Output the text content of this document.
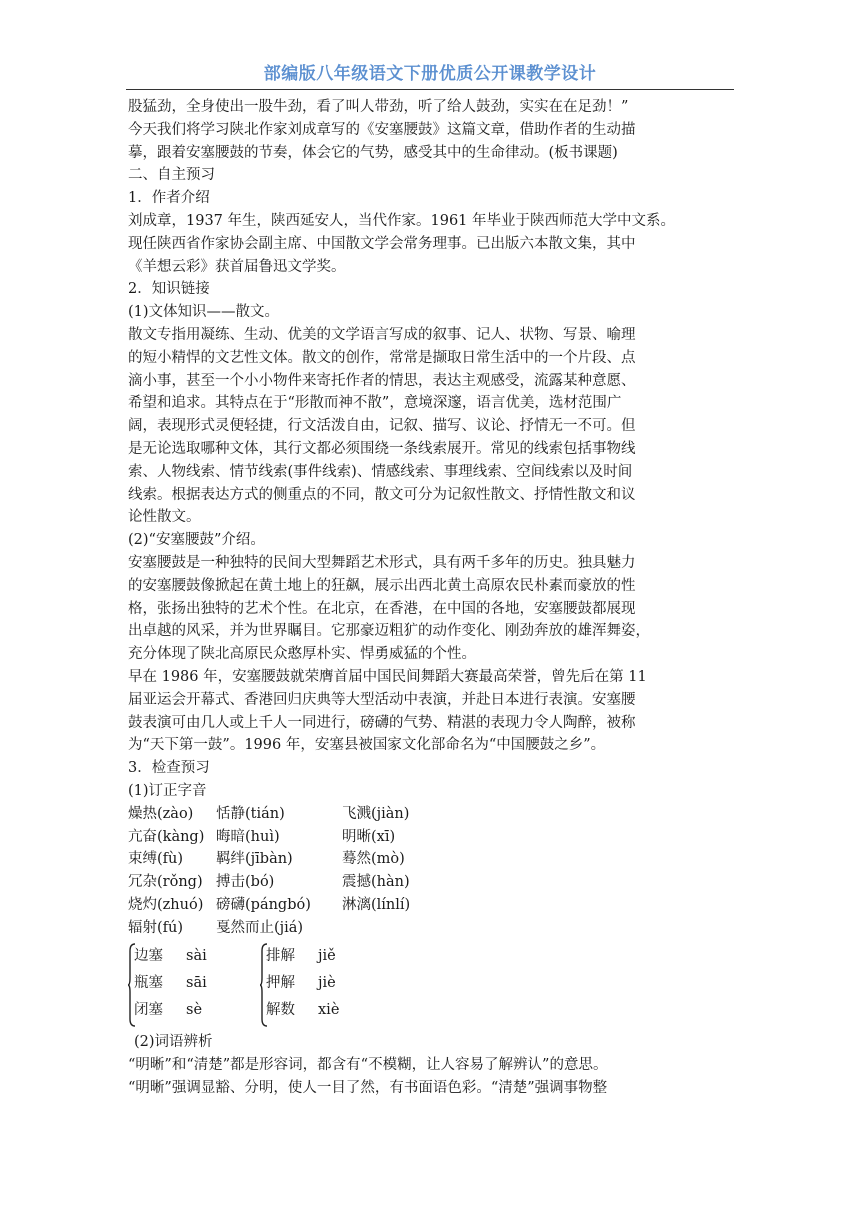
部编版八年级语文下册优质公开课教学设计

股猛劲，全身使出一股牛劲，看了叫人带劲，听了给人鼓劲，实实在在足劲！”

今天我们将学习陕北作家刘成章写的《安塞腰鼓》这篇文章，借助作者的生动描

摹，跟着安塞腰鼓的节奏，体会它的气势，感受其中的生命律动。(板书课题)

二、自主预习

1．作者介绍

刘成章，1937 年生，陕西延安人，当代作家。1961 年毕业于陕西师范大学中文系。

现任陕西省作家协会副主席、中国散文学会常务理事。已出版六本散文集，其中

《羊想云彩》获首届鲁迅文学奖。

2．知识链接

(1)文体知识——散文。

散文专指用凝练、生动、优美的文学语言写成的叙事、记人、状物、写景、喻理

的短小精悍的文艺性文体。散文的创作，常常是撷取日常生活中的一个片段、点

滴小事，甚至一个小小物件来寄托作者的情思，表达主观感受，流露某种意愿、

希望和追求。其特点在于“形散而神不散”，意境深邃，语言优美，选材范围广

阔，表现形式灵便轻捷，行文活泼自由，记叙、描写、议论、抒情无一不可。但

是无论选取哪种文体，其行文都必须围绕一条线索展开。常见的线索包括事物线

索、人物线索、情节线索(事件线索)、情感线索、事理线索、空间线索以及时间

线索。根据表达方式的侧重点的不同，散文可分为记叙性散文、抒情性散文和议

论性散文。

(2)“安塞腰鼓”介绍。

安塞腰鼓是一种独特的民间大型舞蹈艺术形式，具有两千多年的历史。独具魅力

的安塞腰鼓像掀起在黄土地上的狂飙，展示出西北黄土高原农民朴素而豪放的性

格，张扬出独特的艺术个性。在北京，在香港，在中国的各地，安塞腰鼓都展现

出卓越的风采，并为世界瞩目。它那豪迈粗犷的动作变化、刚劲奔放的雄浑舞姿，

充分体现了陕北高原民众憨厚朴实、悍勇威猛的个性。

早在 1986 年，安塞腰鼓就荣膺首届中国民间舞蹈大赛最高荣誉，曾先后在第 11

届亚运会开幕式、香港回归庆典等大型活动中表演，并赴日本进行表演。安塞腰

鼓表演可由几人或上千人一同进行，磅礴的气势、精湛的表现力令人陶醉，被称

为“天下第一鼓”。1996 年，安塞县被国家文化部命名为“中国腰鼓之乡”。

3．检查预习

(1)订正字音

燥热(zào) 恬静(tián)	飞溅(jiàn)

亢奋(kàng) 晦暗(huì)	明晰(xī)

束缚(fù) 羁绊(jībàn)	蓦然(mò)

冗杂(rǒng) 搏击(bó)	震撼(hàn)

烧灼(zhuó) 磅礴(pángbó) 淋漓(línlí)

辐射(fú) 戛然而止(jiá)

边塞 sài
瓶塞 sāi
闭塞 sè
排解 jiě
押解 jiè
解数 xiè

(2)词语辨析

“明晰”和“清楚”都是形容词，都含有“不模糊，让人容易了解辨认”的意思。

“明晰”强调显豁、分明，使人一目了然，有书面语色彩。“清楚”强调事物整
